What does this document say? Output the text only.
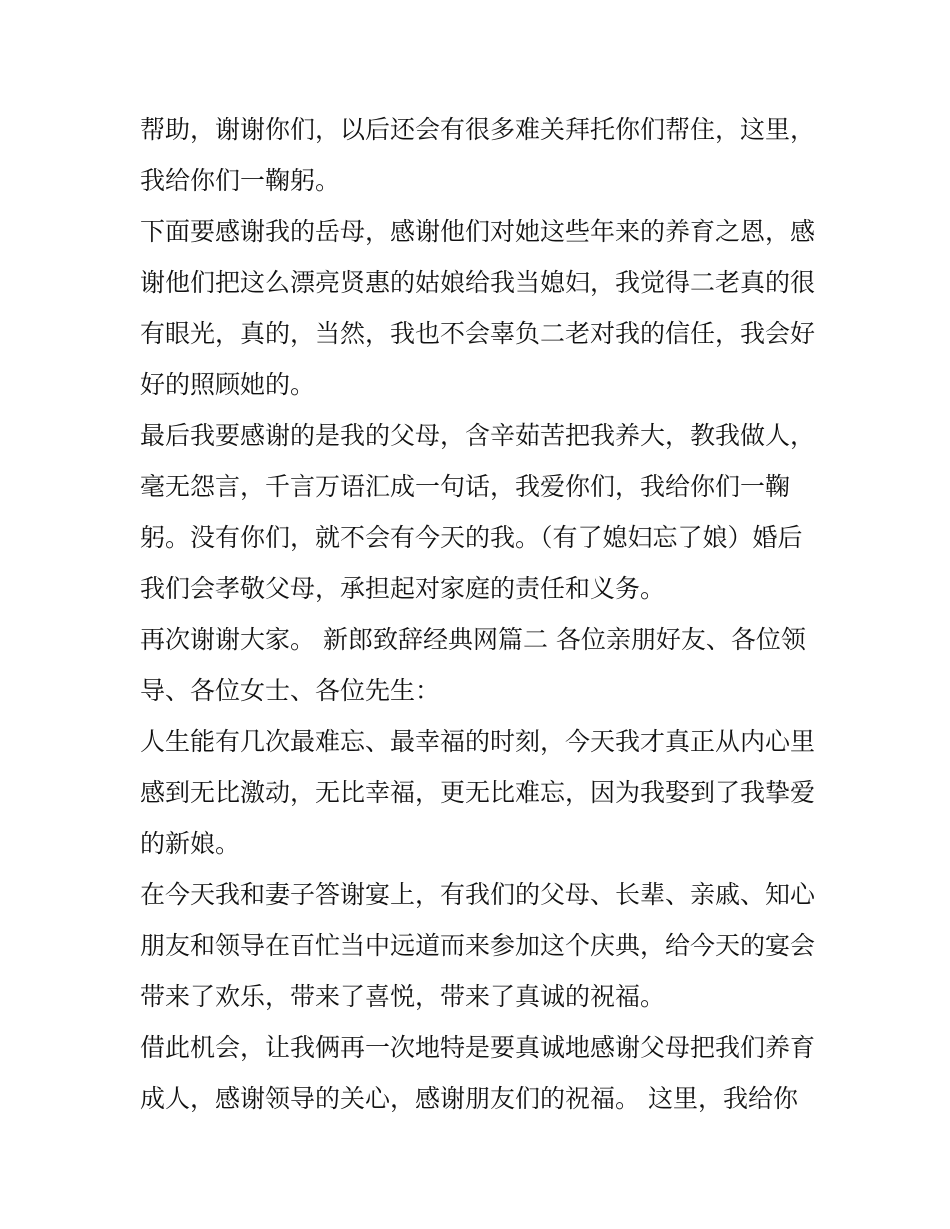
帮助，谢谢你们，以后还会有很多难关拜托你们帮住，这里，
我给你们一鞠躬。
下面要感谢我的岳母，感谢他们对她这些年来的养育之恩，感
谢他们把这么漂亮贤惠的姑娘给我当媳妇，我觉得二老真的很
有眼光，真的，当然，我也不会辜负二老对我的信任，我会好
好的照顾她的。
最后我要感谢的是我的父母，含辛茹苦把我养大，教我做人，
毫无怨言，千言万语汇成一句话，我爱你们，我给你们一鞠
躬。没有你们，就不会有今天的我。（有了媳妇忘了娘）婚后
我们会孝敬父母，承担起对家庭的责任和义务。
再次谢谢大家。 新郎致辞经典网篇二 各位亲朋好友、各位领
导、各位女士、各位先生：
人生能有几次最难忘、最幸福的时刻，今天我才真正从内心里
感到无比激动，无比幸福，更无比难忘，因为我娶到了我挚爱
的新娘。
在今天我和妻子答谢宴上，有我们的父母、长辈、亲戚、知心
朋友和领导在百忙当中远道而来参加这个庆典，给今天的宴会
带来了欢乐，带来了喜悦，带来了真诚的祝福。
借此机会，让我俩再一次地特是要真诚地感谢父母把我们养育
成人，感谢领导的关心，感谢朋友们的祝福。 这里，我给你
